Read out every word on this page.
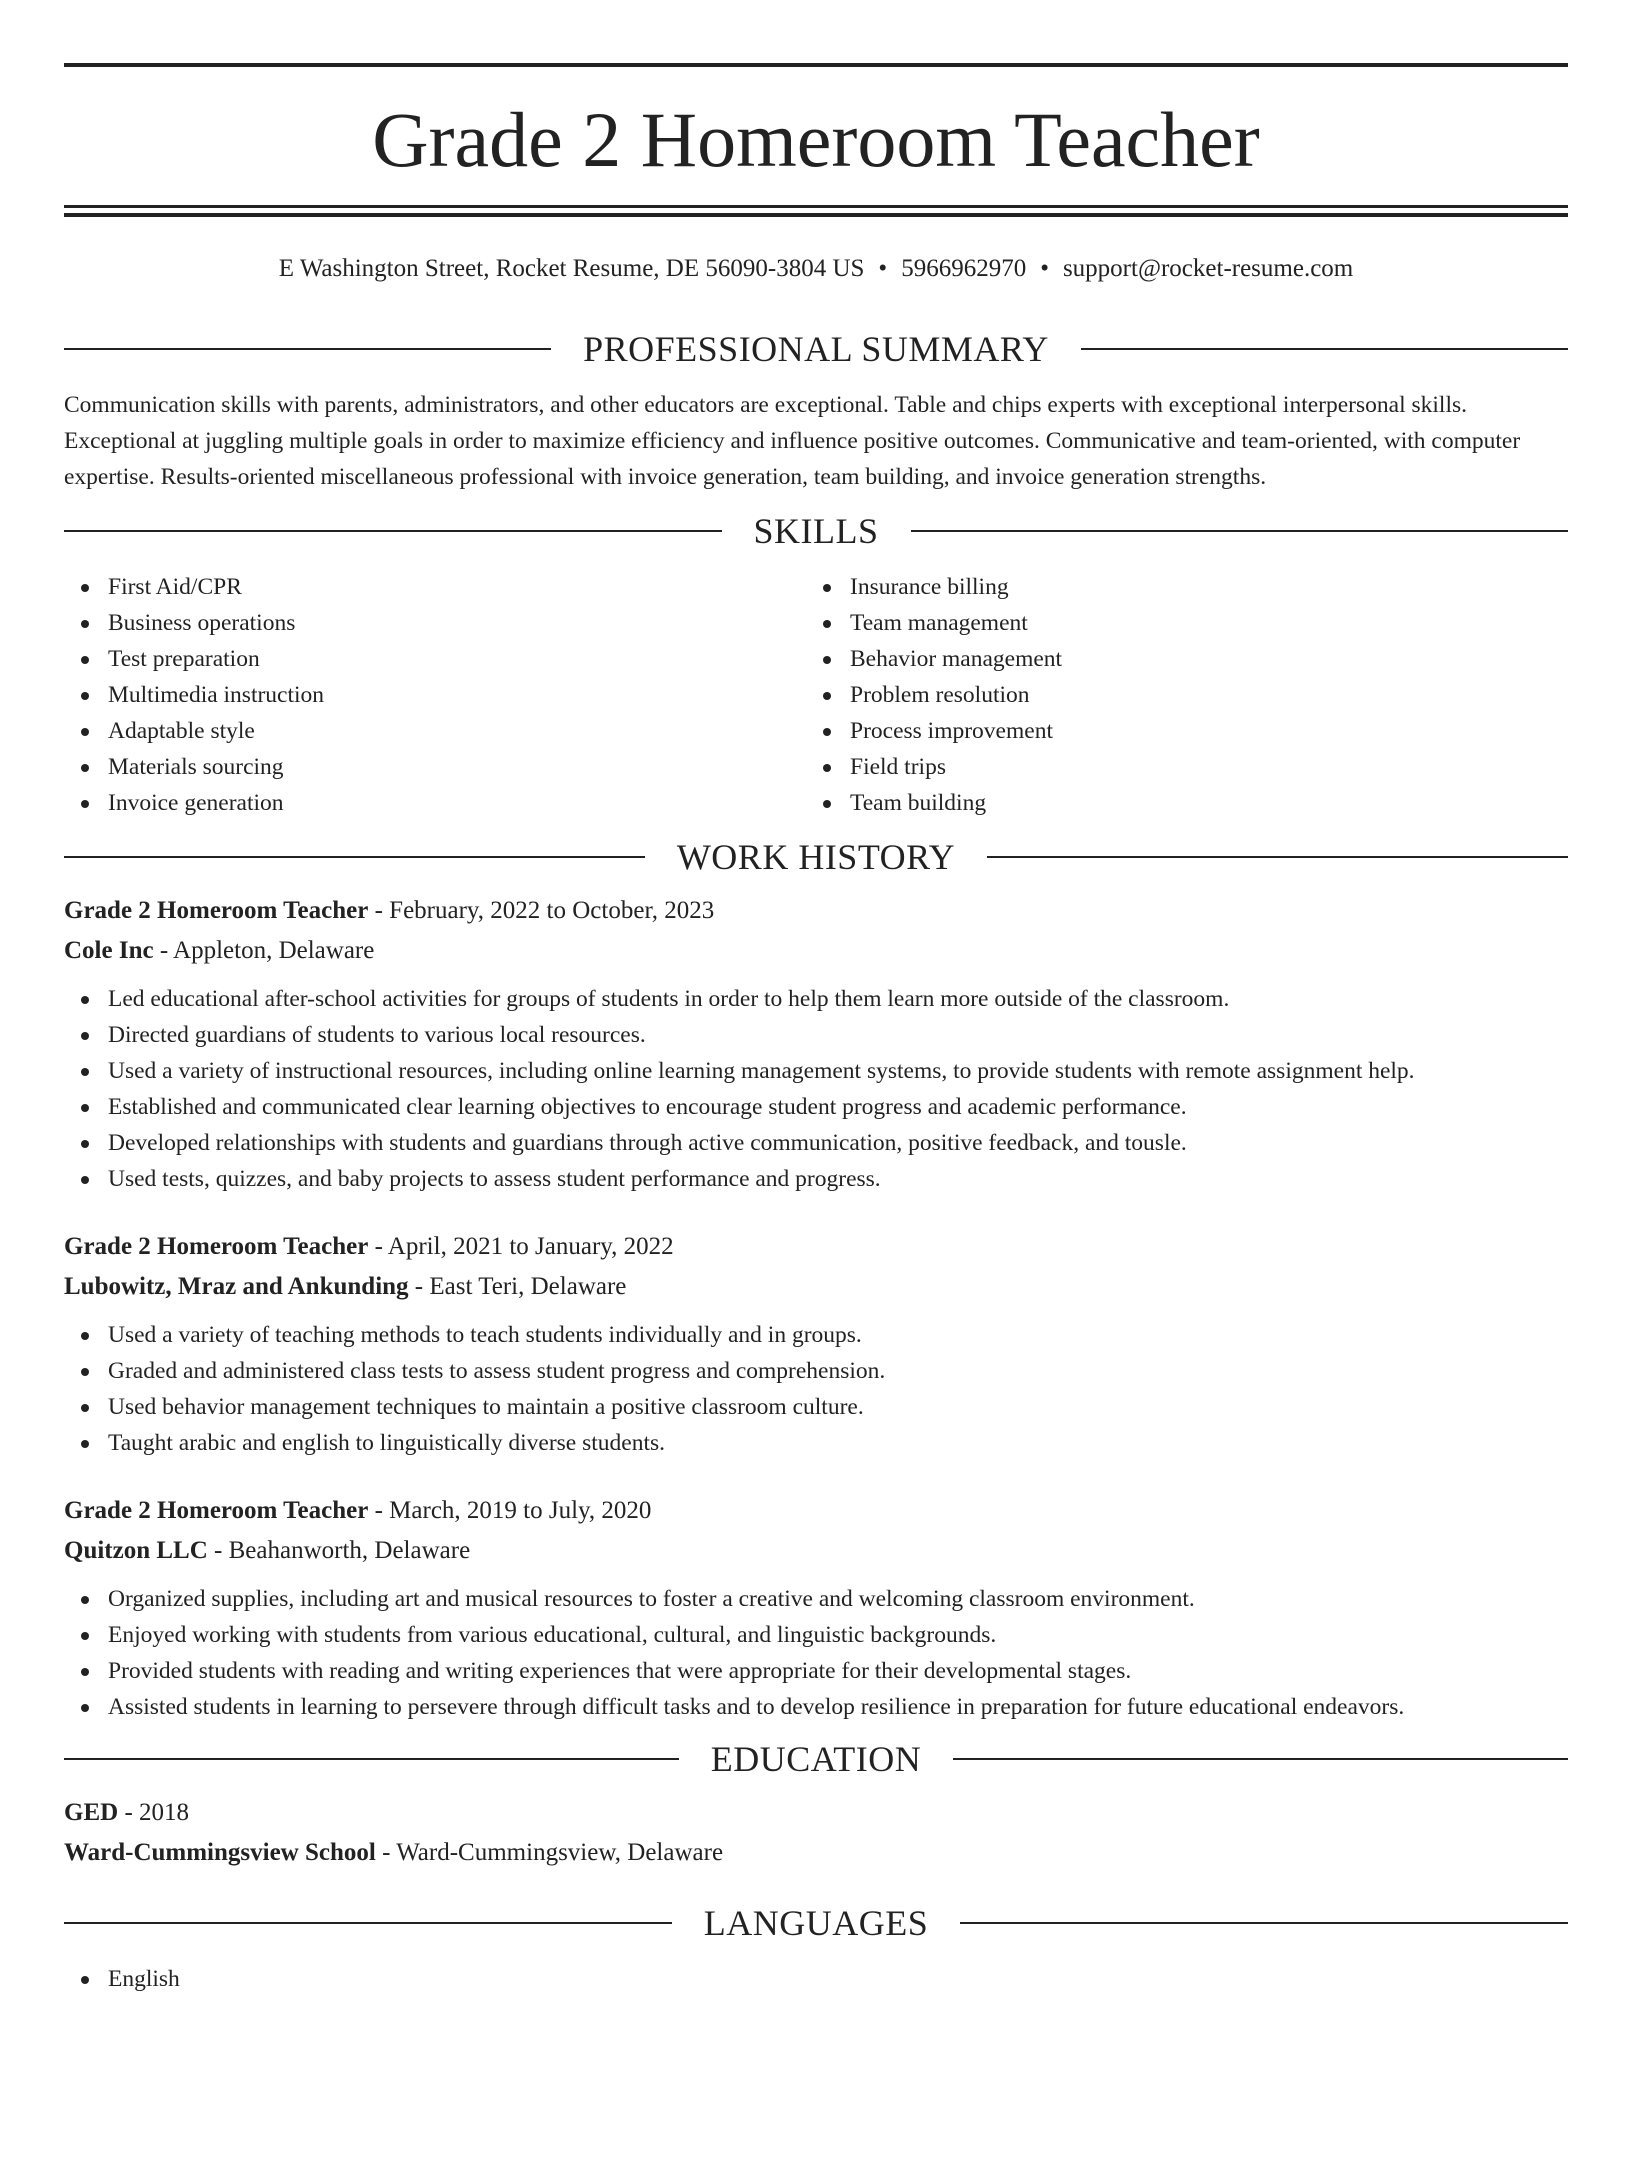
Grade 2 Homeroom Teacher
E Washington Street, Rocket Resume, DE 56090-3804 US • 5966962970 • support@rocket-resume.com
PROFESSIONAL SUMMARY

Communication skills with parents, administrators, and other educators are exceptional. Table and chips experts with exceptional interpersonal skills. Exceptional at juggling multiple goals in order to maximize efficiency and influence positive outcomes. Communicative and team-oriented, with computer expertise. Results-oriented miscellaneous professional with invoice generation, team building, and invoice generation strengths.

SKILLS
First Aid/CPR
Business operations
Test preparation
Multimedia instruction
Adaptable style
Materials sourcing
Invoice generation
Insurance billing
Team management
Behavior management
Problem resolution
Process improvement
Field trips
Team building
WORK HISTORY
Grade 2 Homeroom Teacher - February, 2022 to October, 2023
Cole Inc - Appleton, Delaware
Led educational after-school activities for groups of students in order to help them learn more outside of the classroom.
Directed guardians of students to various local resources.
Used a variety of instructional resources, including online learning management systems, to provide students with remote assignment help.
Established and communicated clear learning objectives to encourage student progress and academic performance.
Developed relationships with students and guardians through active communication, positive feedback, and tousle.
Used tests, quizzes, and baby projects to assess student performance and progress.
Grade 2 Homeroom Teacher - April, 2021 to January, 2022
Lubowitz, Mraz and Ankunding - East Teri, Delaware
Used a variety of teaching methods to teach students individually and in groups.
Graded and administered class tests to assess student progress and comprehension.
Used behavior management techniques to maintain a positive classroom culture.
Taught arabic and english to linguistically diverse students.
Grade 2 Homeroom Teacher - March, 2019 to July, 2020
Quitzon LLC - Beahanworth, Delaware
Organized supplies, including art and musical resources to foster a creative and welcoming classroom environment.
Enjoyed working with students from various educational, cultural, and linguistic backgrounds.
Provided students with reading and writing experiences that were appropriate for their developmental stages.
Assisted students in learning to persevere through difficult tasks and to develop resilience in preparation for future educational endeavors.
EDUCATION
GED - 2018
Ward-Cummingsview School - Ward-Cummingsview, Delaware
LANGUAGES
English
